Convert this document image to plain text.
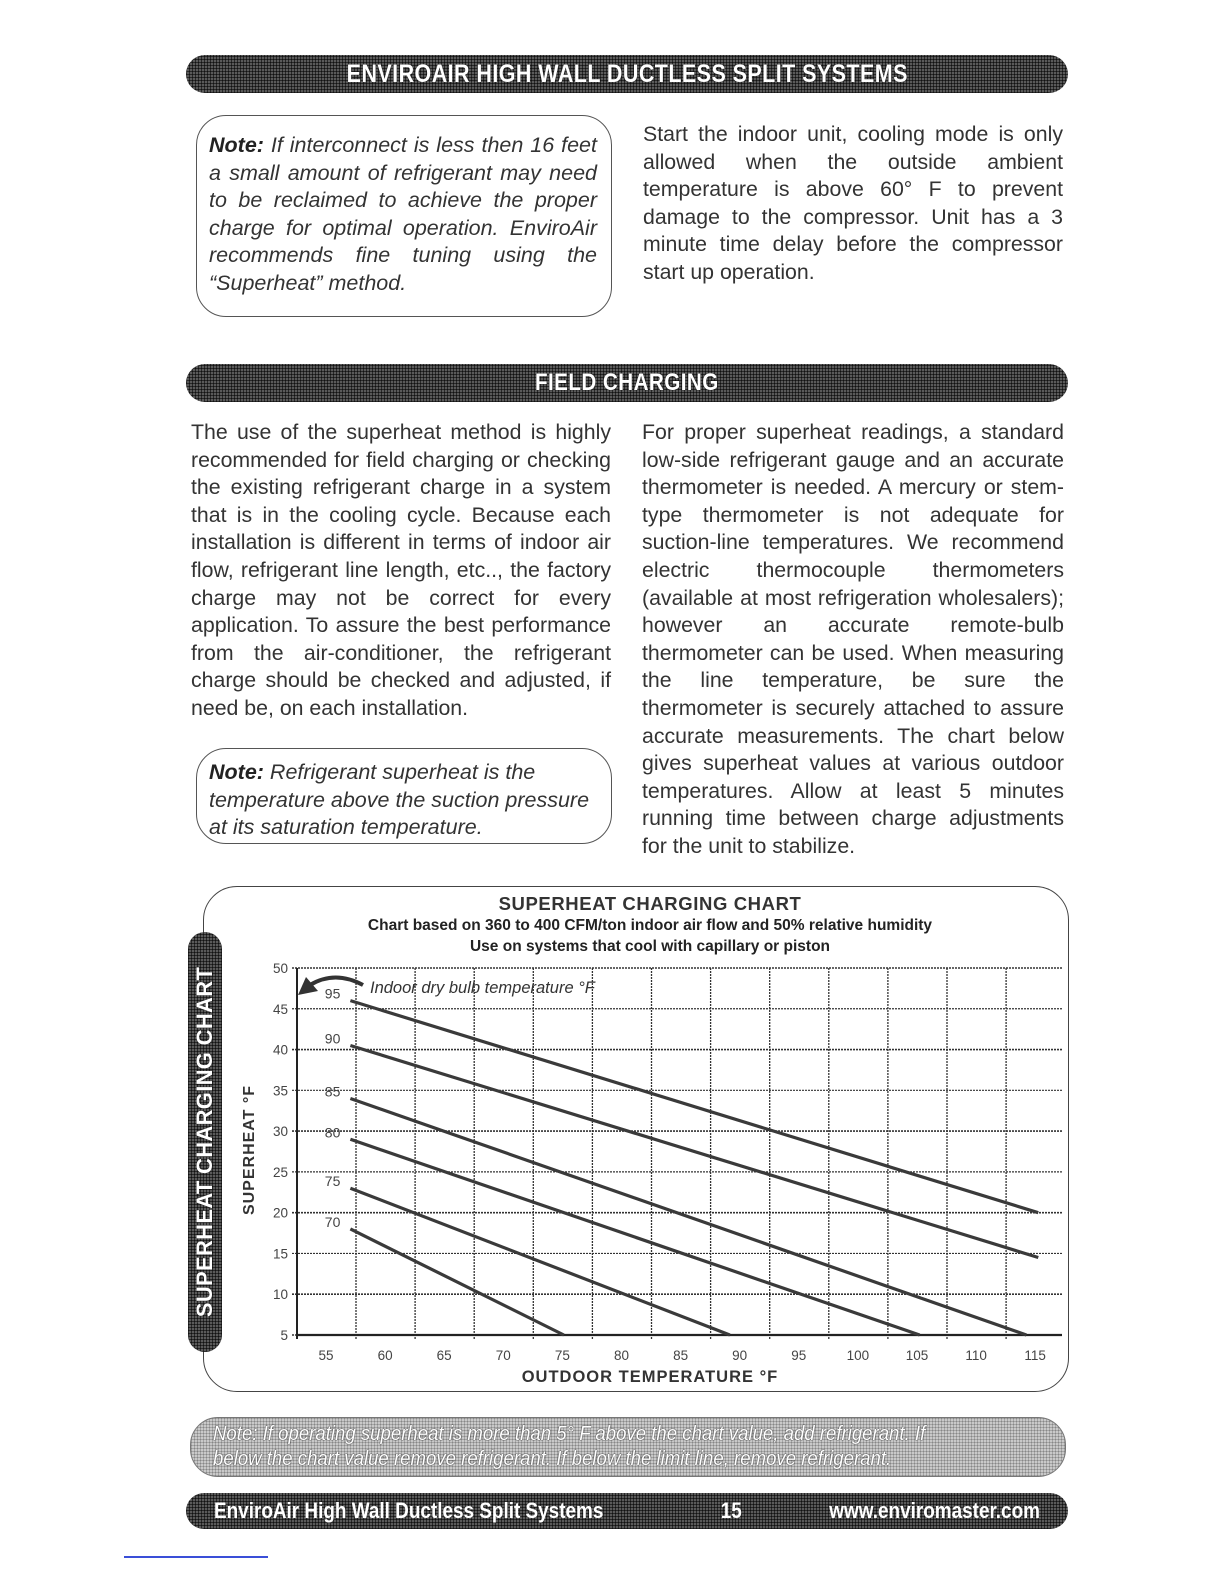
ENVIROAIR HIGH WALL DUCTLESS SPLIT SYSTEMS
Note: If interconnect is less then 16 feet a small amount of refrigerant may need to be reclaimed to achieve the proper charge for optimal operation. EnviroAir recommends fine tuning using the “Superheat” method.
Start the indoor unit, cooling mode is only allowed when the outside ambient temperature is above 60° F to prevent damage to the compressor. Unit has a 3 minute time delay before the compressor start up operation.
FIELD CHARGING
The use of the superheat method is highly recommended for field charging or checking the existing refrigerant charge in a system that is in the cooling cycle. Because each installation is different in terms of indoor air flow, refrigerant line length, etc.., the factory charge may not be correct for every application. To assure the best performance from the air-conditioner, the refrigerant charge should be checked and adjusted, if need be, on each installation.
Note: Refrigerant superheat is the temperature above the suction pressure at its saturation temperature.
For proper superheat readings, a standard low-side refrigerant gauge and an accurate thermometer is needed. A mercury or stem-type thermometer is not adequate for suction-line temperatures. We recommend electric thermocouple thermometers (available at most refrigeration wholesalers); however an accurate remote-bulb thermometer can be used. When measuring the line temperature, be sure the thermometer is securely attached to assure accurate measurements. The chart below gives superheat values at various outdoor temperatures. Allow at least 5 minutes running time between charge adjustments for the unit to stabilize.
SUPERHEAT CHARGING CHART
SUPERHEAT CHARGING CHART
Chart based on 360 to 400 CFM/ton indoor air flow and 50% relative humidity
Use on systems that cool with capillary or piston
5
10
15
20
25
30
35
40
45
50
55	60	65	70	75	80	85	90	95	100	105	110	115
95
90
85
80
75
70
Indoor dry bulb temperature °F
OUTDOOR TEMPERATURE °F
SUPERHEAT °F
Note: If operating superheat is more than 5° F above the chart value, add refrigerant. If
below the chart value remove refrigerant. If below the limit line, remove refrigerant.
EnviroAir High Wall Ductless Split Systems	15	www.enviromaster.com
